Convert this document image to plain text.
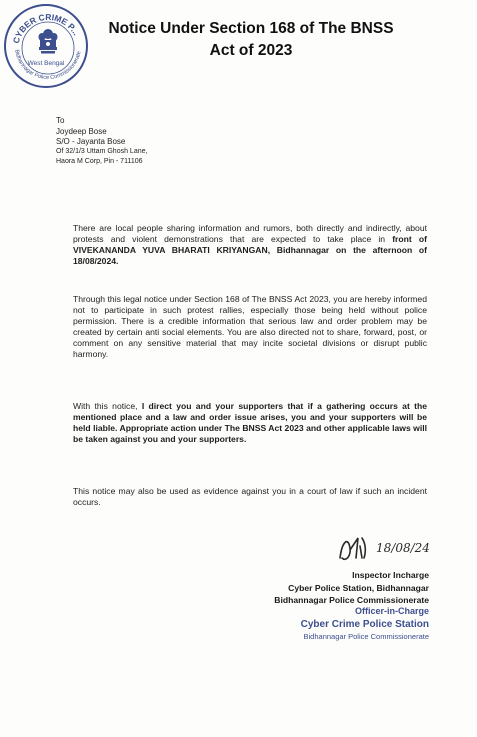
CYBER CRIME P...
Bidhannagar Police Commissionerate
West Bengal
Notice Under Section 168 of The BNSS
Act of 2023
To
Joydeep Bose
S/O - Jayanta Bose
Of 32/1/3 Uttam Ghosh Lane,
Haora M Corp, Pin - 711106
There are local people sharing information and rumors, both directly and indirectly, about protests and violent demonstrations that are expected to take place in front of VIVEKANANDA YUVA BHARATI KRIYANGAN, Bidhannagar on the afternoon of 18/08/2024.
Through this legal notice under Section 168 of The BNSS Act 2023, you are hereby informed not to participate in such protest rallies, especially those being held without police permission. There is a credible information that serious law and order problem may be created by certain anti social elements. You are also directed not to share, forward, post, or comment on any sensitive material that may incite societal divisions or disrupt public harmony.
With this notice, I direct you and your supporters that if a gathering occurs at the mentioned place and a law and order issue arises, you and your supporters will be held liable. Appropriate action under The BNSS Act 2023 and other applicable laws will be taken against you and your supporters.
This notice may also be used as evidence against you in a court of law if such an incident occurs.
18/08/24
Inspector Incharge
Cyber Police Station, Bidhannagar
Bidhannagar Police Commissionerate
Officer-in-Charge
Cyber Crime Police Station
Bidhannagar Police Commissionerate
